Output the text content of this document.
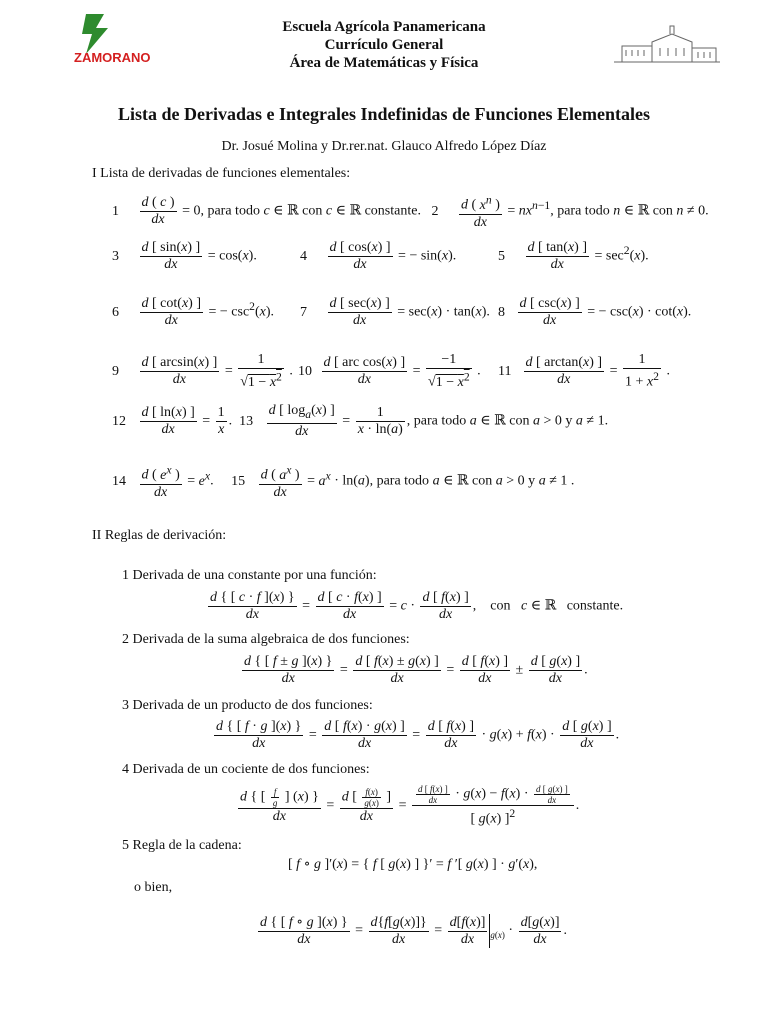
ZAMORANO
Escuela Agrícola Panamericana
Currículo General
Área de Matemáticas y Física
Lista de Derivadas e Integrales Indefinidas de Funciones Elementales
Dr. Josué Molina y Dr.rer.nat. Glauco Alfredo López Díaz
I Lista de derivadas de funciones elementales:
$1 \frac{d ( c )}{dx} = 0$, para todo c ∈ ℝ con c ∈ ℝ constante.   $2 \frac{d ( x^n )}{dx} = nx^{n-1}$, para todo n ∈ ℝ con n ≠ 0.
$3 \frac{d [ \sin(x) ]}{dx} = \cos(x)$.	$4 \frac{d [ \cos(x) ]}{dx}$ = − sin(x).	$5 \frac{d [ \tan(x) ]}{dx} = \sec^2(x)$.
$6 \frac{d [ \cot(x) ]}{dx}$ = − $\csc^2(x)$. $7 \frac{d [ \sec(x) ]}{dx} = \sec(x) \cdot \tan(x)$. $8 \frac{d [ \csc(x) ]}{dx}$ = − csc(x) · cot(x).
$9 \frac{d [ \arcsin(x) ]}{dx} = \frac{1}{√1 - x^2}$ . $10 \frac{\text{d [ arc cos(x) ]}}{dx} = \frac{-1}{√1 - x^2}$ . $11 \frac{d [ \arctan(x) ]}{dx} = \frac{1}{1 + x^2}$ .
$12 \frac{d [ \ln(x) ]}{dx} = \frac{1}{x}$ .  $13 \frac{d [ \log_a(x) ]}{dx} = \frac{1}{x \cdot \ln(a)}$ , para todo a ∈ ℝ con a > 0 y a ≠ 1.
$14 \frac{d ( e^x )}{dx} = e^x$.     $15 \frac{d ( a^x )}{dx} = a^x \cdot \ln(a)$, para todo a ∈ ℝ con a > 0 y a ≠ 1 .
II Reglas de derivación:
1 Derivada de una constante por una función:
$\frac{d \{ [ c \cdot f ](x) \}}{dx} = \frac{d [ c \cdot f(x) ]}{dx} = c \cdot \frac{d [ f(x) ]}{dx}$ ,    con   c ∈ ℝ   constante.
2 Derivada de la suma algebraica de dos funciones:
$\frac{d \{ [ f \pm g ](x) \}}{dx} = \frac{d [ f(x) \pm g(x) ]}{dx} = \frac{d [ f(x) ]}{dx} \pm \frac{d [ g(x) ]}{dx}$ .
3 Derivada de un producto de dos funciones:
$\frac{d \{ [ f \cdot g ](x) \}}{dx} = \frac{d [ f(x) \cdot g(x) ]}{dx} = \frac{d [ f(x) ]}{dx} \cdot g(x) + f(x) \cdot \frac{d [ g(x) ]}{dx}$ .
4 Derivada de un cociente de dos funciones:
$\frac{d \{ [ \frac{f}{g} ] (x) \}}{dx} = \frac{d [ \frac{f(x)}{g(x)} ]}{dx} = \frac{\frac{d [ f(x) ]}{dx} \cdot g(x) - f(x) \cdot \frac{d [ g(x) ]}{dx}}{[ g(x) ]^2}$ .
5 Regla de la cadena:
[ f ∘ g ]′(x) = { f [ g(x) ] }′ = f ′[ g(x) ] · g′(x),
o bien,
$\frac{d \{ [ f \circ g ](x) \}}{dx} = \frac{d\{f[g(x)]\}}{dx} = \frac{d[f(x)]}{dx} _{g(x)} \cdot \frac{d[g(x)]}{dx}$ .
